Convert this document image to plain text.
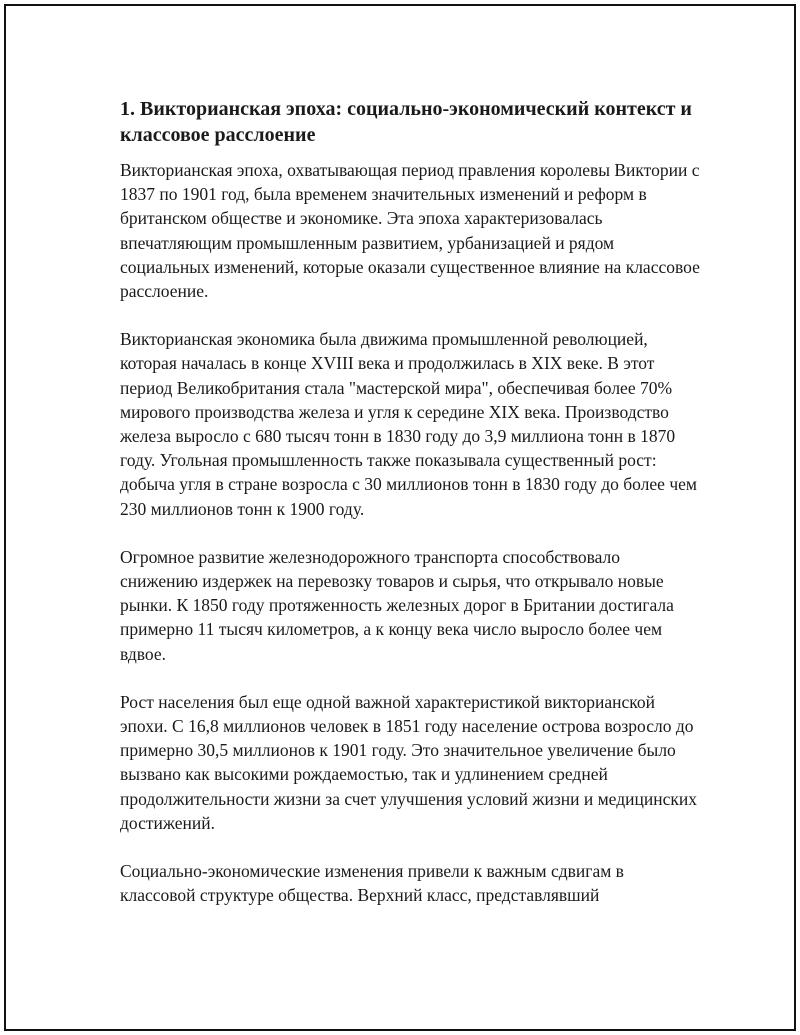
1. Викторианская эпоха: социально-экономический контекст и классовое расслоение

Викторианская эпоха, охватывающая период правления королевы Виктории с 1837 по 1901 год, была временем значительных изменений и реформ в британском обществе и экономике. Эта эпоха характеризовалась впечатляющим промышленным развитием, урбанизацией и рядом социальных изменений, которые оказали существенное влияние на классовое расслоение.

Викторианская экономика была движима промышленной революцией, которая началась в конце XVIII века и продолжилась в XIX веке. В этот период Великобритания стала "мастерской мира", обеспечивая более 70% мирового производства железа и угля к середине XIX века. Производство железа выросло с 680 тысяч тонн в 1830 году до 3,9 миллиона тонн в 1870 году. Угольная промышленность также показывала существенный рост: добыча угля в стране возросла с 30 миллионов тонн в 1830 году до более чем 230 миллионов тонн к 1900 году.

Огромное развитие железнодорожного транспорта способствовало снижению издержек на перевозку товаров и сырья, что открывало новые рынки. К 1850 году протяженность железных дорог в Британии достигала примерно 11 тысяч километров, а к концу века число выросло более чем вдвое.

Рост населения был еще одной важной характеристикой викторианской эпохи. С 16,8 миллионов человек в 1851 году население острова возросло до примерно 30,5 миллионов к 1901 году. Это значительное увеличение было вызвано как высокими рождаемостью, так и удлинением средней продолжительности жизни за счет улучшения условий жизни и медицинских достижений.

Социально-экономические изменения привели к важным сдвигам в классовой структуре общества. Верхний класс, представлявший
